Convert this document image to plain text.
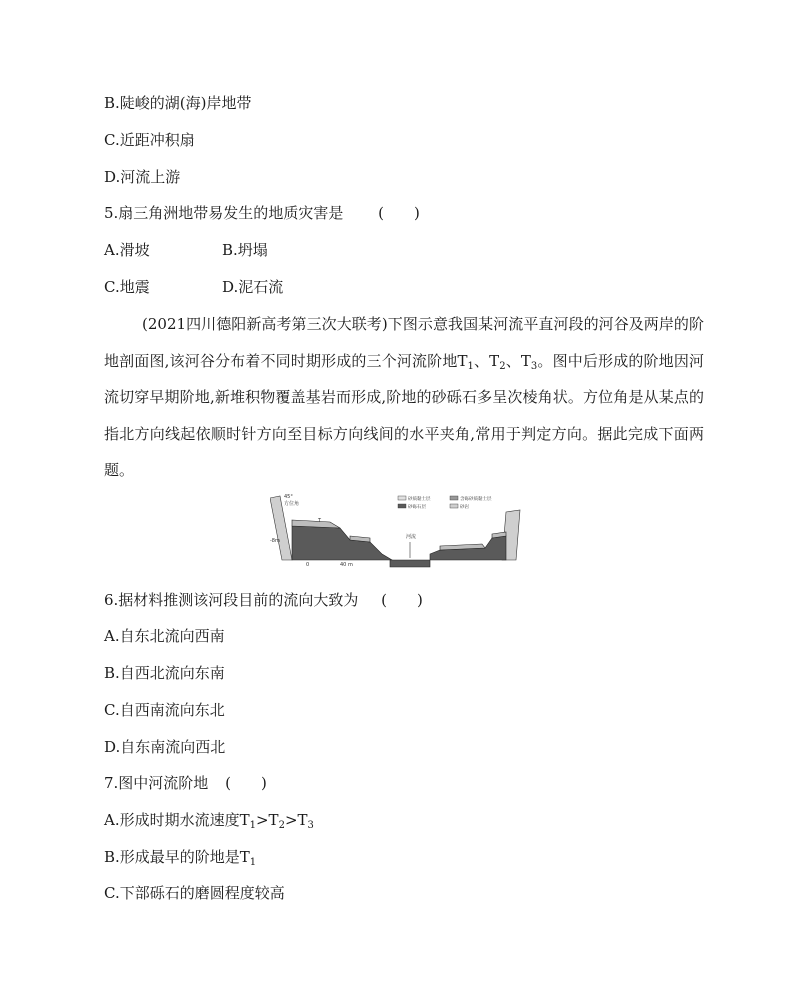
B.陡峻的湖(海)岸地带
C.近距冲积扇
D.河流上游
5.扇三角洲地带易发生的地质灾害是 (　　)
A.滑坡	B.坍塌
C.地震	D.泥石流
(2021四川德阳新高考第三次大联考)下图示意我国某河流平直河段的河谷及两岸的阶地剖面图,该河谷分布着不同时期形成的三个河流阶地$T_1$、$T_2$、$T_3$。图中后形成的阶地因河流切穿早期阶地,新堆积物覆盖基岩而形成,阶地的砂砾石多呈次棱角状。方位角是从某点的指北方向线起依顺时针方向至目标方向线间的水平夹角,常用于判定方向。据此完成下面两题。
河流
45°
方位角
-8m
0	40 m
T
砂质黏土层	含砾砂质黏土层
砂砾石层	砂岩
6.据材料推测该河段目前的流向大致为 (　　)
A.自东北流向西南
B.自西北流向东南
C.自西南流向东北
D.自东南流向西北
7.图中河流阶地 (　　)
A.形成时期水流速度$T_1>T_2>T_3$
B.形成最早的阶地是$T_1$
C.下部砾石的磨圆程度较高
